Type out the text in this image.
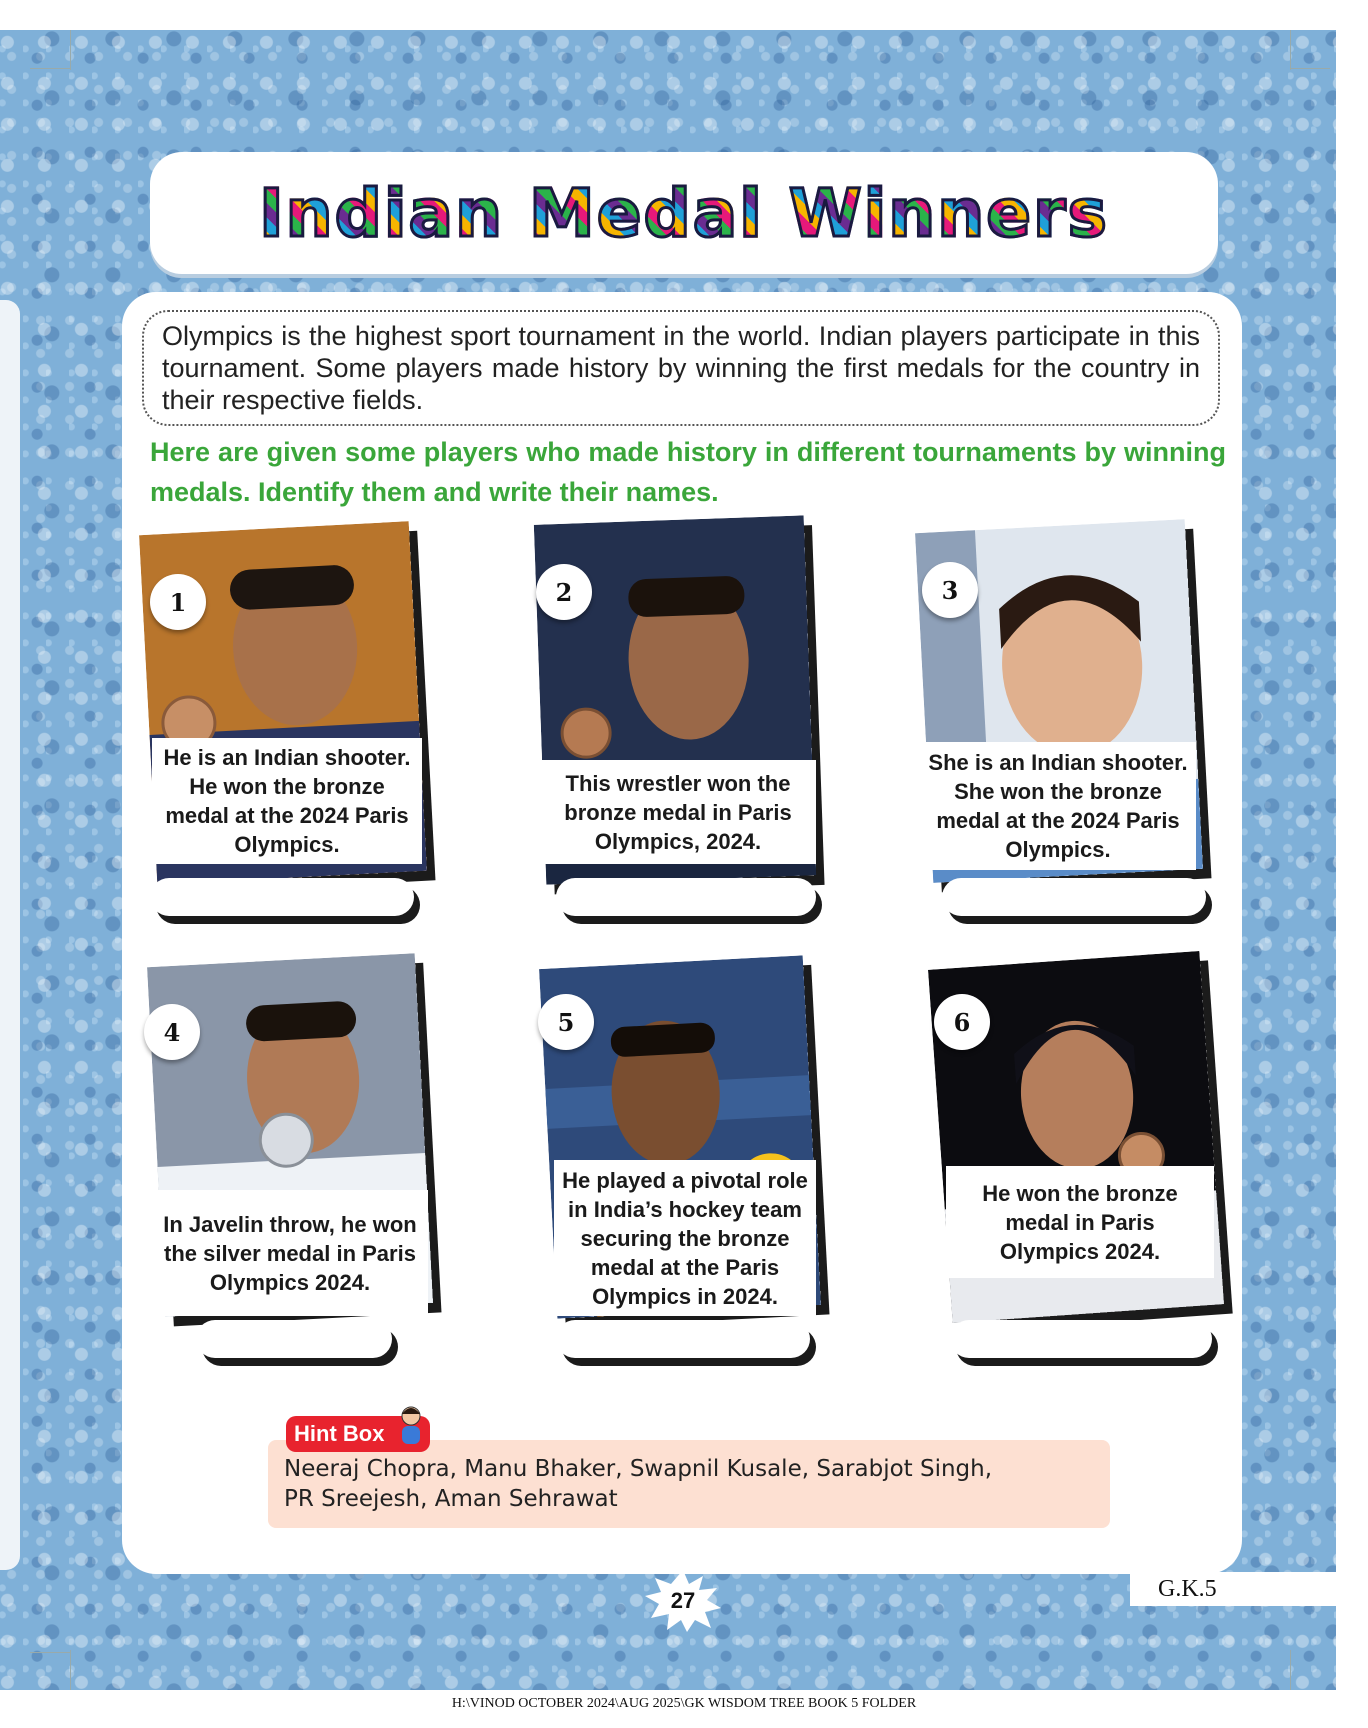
Indian Medal Winners
Olympics is the highest sport tournament in the world. Indian players participate in this tournament. Some players made history by winning the first medals for the country in their respective fields.
Here are given some players who made history in different tournaments by winning medals. Identify them and write their names.
He is an Indian shooter. He won the bronze medal at the 2024 Paris Olympics.
1
This wrestler won the bronze medal in Paris Olympics, 2024.
2
She is an Indian shooter. She won the bronze medal at the 2024 Paris Olympics.
3
In Javelin throw, he won the silver medal in Paris Olympics 2024.
4
He played a pivotal role in India’s hockey team securing the bronze medal at the Paris Olympics in 2024.
5
He won the bronze medal in Paris Olympics 2024.
6
Neeraj Chopra, Manu Bhaker, Swapnil Kusale, Sarabjot Singh,
PR Sreejesh, Aman Sehrawat
Hint Box
27	G.K.5
H:\VINOD OCTOBER 2024\AUG 2025\GK WISDOM TREE BOOK 5 FOLDER
